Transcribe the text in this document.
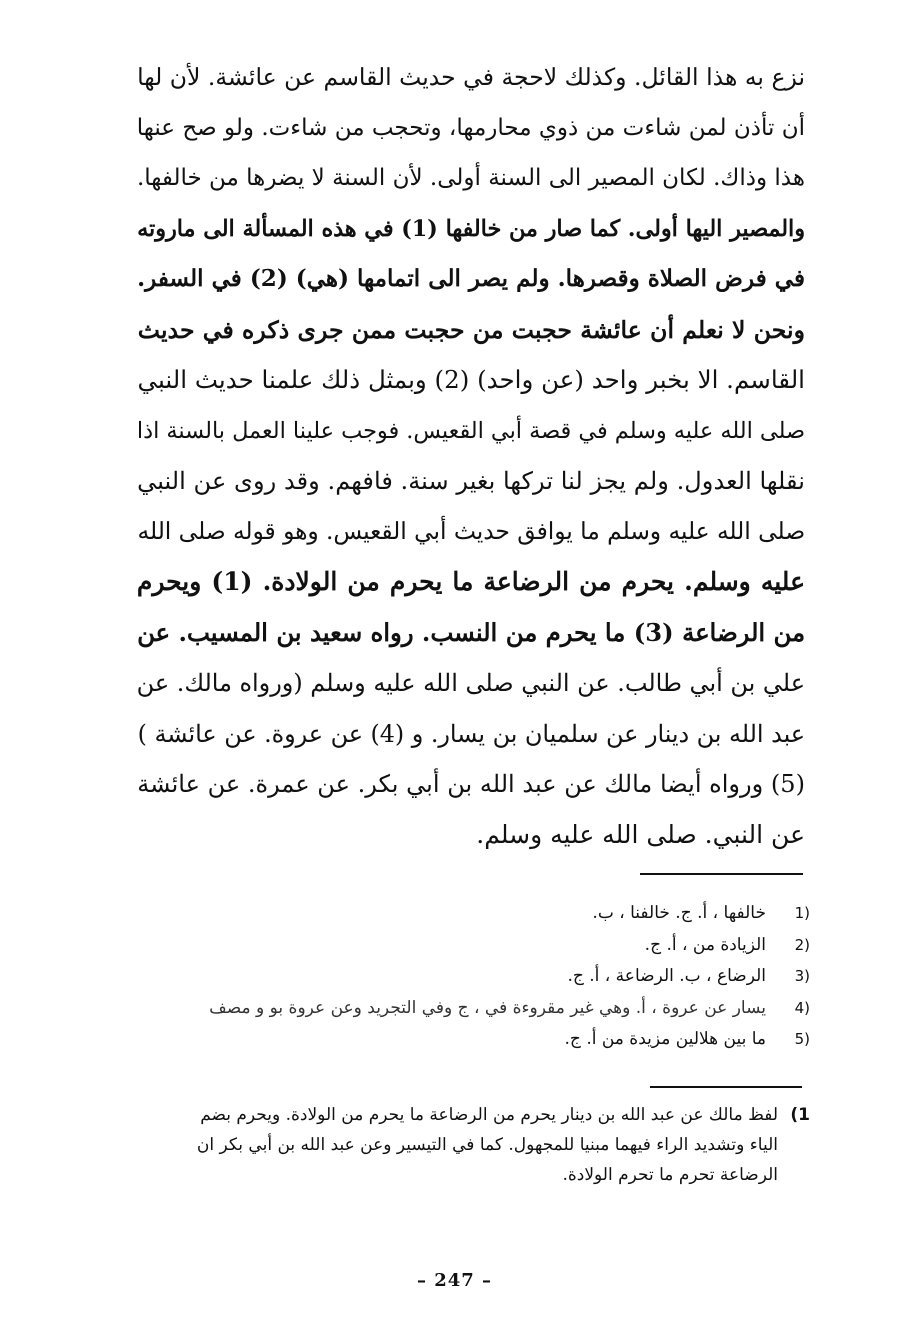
نزع به هذا القائل. وكذلك لاحجة في حديث القاسم عن عائشة. لأن لها
أن تأذن لمن شاءت من ذوي محارمها، وتحجب من شاءت. ولو صح عنها
هذا وذاك. لكان المصير الى السنة أولى. لأن السنة لا يضرها من خالفها.
والمصير اليها أولى. كما صار من خالفها (1) في هذه المسألة الى ماروته
في فرض الصلاة وقصرها. ولم يصر الى اتمامها (هي) (2) في السفر.
ونحن لا نعلم أن عائشة حجبت من حجبت ممن جرى ذكره في حديث
القاسم. الا بخبر واحد (عن واحد) (2) وبمثل ذلك علمنا حديث النبي
صلى الله عليه وسلم في قصة أبي القعيس. فوجب علينا العمل بالسنة اذا
نقلها العدول. ولم يجز لنا تركها بغير سنة. فافهم. وقد روى عن النبي
صلى الله عليه وسلم ما يوافق حديث أبي القعيس. وهو قوله صلى الله
عليه وسلم. يحرم من الرضاعة ما يحرم من الولادة. (1) ويحرم
من الرضاعة (3) ما يحرم من النسب. رواه سعيد بن المسيب. عن
علي بن أبي طالب. عن النبي صلى الله عليه وسلم (ورواه مالك. عن
عبد الله بن دينار عن سلميان بن يسار. و (4) عن عروة. عن عائشة )
(5) ورواه أيضا مالك عن عبد الله بن أبي بكر. عن عمرة. عن عائشة
عن النبي. صلى الله عليه وسلم.
1)
خالفها ، أ. ج. خالفنا ، ب.
2)
الزيادة من ، أ. ج.
3)
الرضاع ، ب. الرضاعة ، أ. ج.
4)
يسار عن عروة ، أ. وهي غير مقروءة في ، ج وفي التجريد وعن عروة بو و مصف
5)
ما بين هلالين مزيدة من أ. ج.
1)
لفظ مالك عن عبد الله بن دينار يحرم من الرضاعة ما يحرم من الولادة. ويحرم بضم
الياء وتشديد الراء فيهما مبنيا للمجهول. كما في التيسير وعن عبد الله بن أبي بكر ان
الرضاعة تحرم ما تحرم الولادة.
– 247 –
